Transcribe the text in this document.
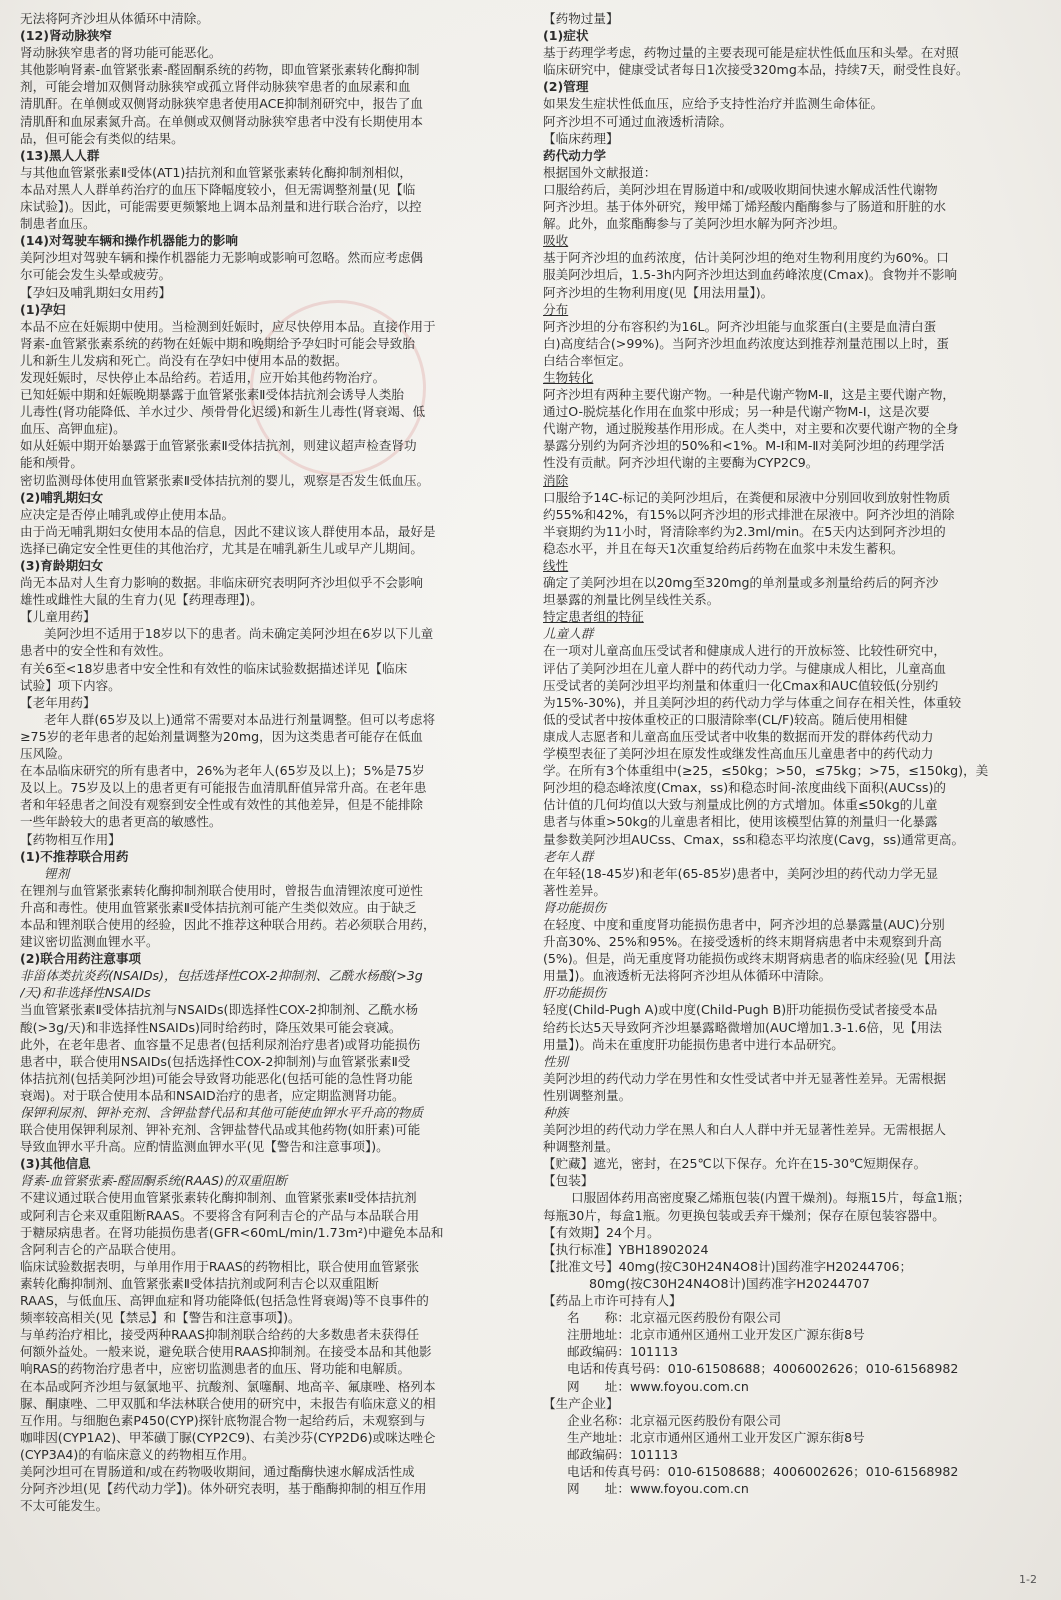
无法将阿齐沙坦从体循环中清除。
(12)肾动脉狭窄
肾动脉狭窄患者的肾功能可能恶化。
其他影响肾素-血管紧张素-醛固酮系统的药物，即血管紧张素转化酶抑制
剂，可能会增加双侧肾动脉狭窄或孤立肾伴动脉狭窄患者的血尿素和血
清肌酐。在单侧或双侧肾动脉狭窄患者使用ACE抑制剂研究中，报告了血
清肌酐和血尿素氮升高。在单侧或双侧肾动脉狭窄患者中没有长期使用本
品，但可能会有类似的结果。
(13)黑人人群
与其他血管紧张素Ⅱ受体(AT1)拮抗剂和血管紧张素转化酶抑制剂相似，
本品对黑人人群单药治疗的血压下降幅度较小，但无需调整剂量(见【临
床试验】)。因此，可能需要更频繁地上调本品剂量和进行联合治疗，以控
制患者血压。
(14)对驾驶车辆和操作机器能力的影响
美阿沙坦对驾驶车辆和操作机器能力无影响或影响可忽略。然而应考虑偶
尔可能会发生头晕或疲劳。
【孕妇及哺乳期妇女用药】
(1)孕妇
本品不应在妊娠期中使用。当检测到妊娠时，应尽快停用本品。直接作用于
肾素-血管紧张素系统的药物在妊娠中期和晚期给予孕妇时可能会导致胎
儿和新生儿发病和死亡。尚没有在孕妇中使用本品的数据。
发现妊娠时，尽快停止本品给药。若适用，应开始其他药物治疗。
已知妊娠中期和妊娠晚期暴露于血管紧张素Ⅱ受体拮抗剂会诱导人类胎
儿毒性(肾功能降低、羊水过少、颅骨骨化迟缓)和新生儿毒性(肾衰竭、低
血压、高钾血症)。
如从妊娠中期开始暴露于血管紧张素Ⅱ受体拮抗剂，则建议超声检查肾功
能和颅骨。
密切监测母体使用血管紧张素Ⅱ受体拮抗剂的婴儿，观察是否发生低血压。
(2)哺乳期妇女
应决定是否停止哺乳或停止使用本品。
由于尚无哺乳期妇女使用本品的信息，因此不建议该人群使用本品，最好是
选择已确定安全性更佳的其他治疗，尤其是在哺乳新生儿或早产儿期间。
(3)育龄期妇女
尚无本品对人生育力影响的数据。非临床研究表明阿齐沙坦似乎不会影响
雄性或雌性大鼠的生育力(见【药理毒理】)。
【儿童用药】
美阿沙坦不适用于18岁以下的患者。尚未确定美阿沙坦在6岁以下儿童
患者中的安全性和有效性。
有关6至<18岁患者中安全性和有效性的临床试验数据描述详见【临床
试验】项下内容。
【老年用药】
老年人群(65岁及以上)通常不需要对本品进行剂量调整。但可以考虑将
≥75岁的老年患者的起始剂量调整为20mg，因为这类患者可能存在低血
压风险。
在本品临床研究的所有患者中，26%为老年人(65岁及以上)；5%是75岁
及以上。75岁及以上的患者更有可能报告血清肌酐值异常升高。在老年患
者和年轻患者之间没有观察到安全性或有效性的其他差异，但是不能排除
一些年龄较大的患者更高的敏感性。
【药物相互作用】
(1)不推荐联合用药
锂剂
在锂剂与血管紧张素转化酶抑制剂联合使用时，曾报告血清锂浓度可逆性
升高和毒性。使用血管紧张素Ⅱ受体拮抗剂可能产生类似效应。由于缺乏
本品和锂剂联合使用的经验，因此不推荐这种联合用药。若必须联合用药，
建议密切监测血锂水平。
(2)联合用药注意事项
非甾体类抗炎药(NSAIDs)，包括选择性COX-2抑制剂、乙酰水杨酸(>3g
/天)和非选择性NSAIDs
当血管紧张素Ⅱ受体拮抗剂与NSAIDs(即选择性COX-2抑制剂、乙酰水杨
酸(>3g/天)和非选择性NSAIDs)同时给药时，降压效果可能会衰减。
此外，在老年患者、血容量不足患者(包括利尿剂治疗患者)或肾功能损伤
患者中，联合使用NSAIDs(包括选择性COX-2抑制剂)与血管紧张素Ⅱ受
体拮抗剂(包括美阿沙坦)可能会导致肾功能恶化(包括可能的急性肾功能
衰竭)。对于联合使用本品和NSAID治疗的患者，应定期监测肾功能。
保钾利尿剂、钾补充剂、含钾盐替代品和其他可能使血钾水平升高的物质
联合使用保钾利尿剂、钾补充剂、含钾盐替代品或其他药物(如肝素)可能
导致血钾水平升高。应酌情监测血钾水平(见【警告和注意事项】)。
(3)其他信息
肾素-血管紧张素-醛固酮系统(RAAS)的双重阻断
不建议通过联合使用血管紧张素转化酶抑制剂、血管紧张素Ⅱ受体拮抗剂
或阿利吉仑来双重阻断RAAS。不要将含有阿利吉仑的产品与本品联合用
于糖尿病患者。在肾功能损伤患者(GFR<60mL/min/1.73m²)中避免本品和
含阿利吉仑的产品联合使用。
临床试验数据表明，与单用作用于RAAS的药物相比，联合使用血管紧张
素转化酶抑制剂、血管紧张素Ⅱ受体拮抗剂或阿利吉仑以双重阻断
RAAS，与低血压、高钾血症和肾功能降低(包括急性肾衰竭)等不良事件的
频率较高相关(见【禁忌】和【警告和注意事项】)。
与单药治疗相比，接受两种RAAS抑制剂联合给药的大多数患者未获得任
何额外益处。一般来说，避免联合使用RAAS抑制剂。在接受本品和其他影
响RAS的药物治疗患者中，应密切监测患者的血压、肾功能和电解质。
在本品或阿齐沙坦与氨氯地平、抗酸剂、氯噻酮、地高辛、氟康唑、格列本
脲、酮康唑、二甲双胍和华法林联合使用的研究中，未报告有临床意义的相
互作用。与细胞色素P450(CYP)探针底物混合物一起给药后，未观察到与
咖啡因(CYP1A2)、甲苯磺丁脲(CYP2C9)、右美沙芬(CYP2D6)或咪达唑仑
(CYP3A4)的有临床意义的药物相互作用。
美阿沙坦可在胃肠道和/或在药物吸收期间，通过酯酶快速水解成活性成
分阿齐沙坦(见【药代动力学】)。体外研究表明，基于酯酶抑制的相互作用
不太可能发生。
【药物过量】
(1)症状
基于药理学考虑，药物过量的主要表现可能是症状性低血压和头晕。在对照
临床研究中，健康受试者每日1次接受320mg本品，持续7天，耐受性良好。
(2)管理
如果发生症状性低血压，应给予支持性治疗并监测生命体征。
阿齐沙坦不可通过血液透析清除。
【临床药理】
药代动力学
根据国外文献报道：
口服给药后，美阿沙坦在胃肠道中和/或吸收期间快速水解成活性代谢物
阿齐沙坦。基于体外研究，羧甲烯丁烯羟酸内酯酶参与了肠道和肝脏的水
解。此外，血浆酯酶参与了美阿沙坦水解为阿齐沙坦。
吸收
基于阿齐沙坦的血药浓度，估计美阿沙坦的绝对生物利用度约为60%。口
服美阿沙坦后，1.5-3h内阿齐沙坦达到血药峰浓度(Cmax)。食物并不影响
阿齐沙坦的生物利用度(见【用法用量】)。
分布
阿齐沙坦的分布容积约为16L。阿齐沙坦能与血浆蛋白(主要是血清白蛋
白)高度结合(>99%)。当阿齐沙坦血药浓度达到推荐剂量范围以上时，蛋
白结合率恒定。
生物转化
阿齐沙坦有两种主要代谢产物。一种是代谢产物M-Ⅱ，这是主要代谢产物，
通过O-脱烷基化作用在血浆中形成；另一种是代谢产物M-Ⅰ，这是次要
代谢产物，通过脱羧基作用形成。在人类中，对主要和次要代谢产物的全身
暴露分别约为阿齐沙坦的50%和<1%。M-Ⅰ和M-Ⅱ对美阿沙坦的药理学活
性没有贡献。阿齐沙坦代谢的主要酶为CYP2C9。
消除
口服给予14C-标记的美阿沙坦后，在粪便和尿液中分别回收到放射性物质
约55%和42%，有15%以阿齐沙坦的形式排泄在尿液中。阿齐沙坦的消除
半衰期约为11小时，肾清除率约为2.3ml/min。在5天内达到阿齐沙坦的
稳态水平，并且在每天1次重复给药后药物在血浆中未发生蓄积。
线性
确定了美阿沙坦在以20mg至320mg的单剂量或多剂量给药后的阿齐沙
坦暴露的剂量比例呈线性关系。
特定患者组的特征
儿童人群
在一项对儿童高血压受试者和健康成人进行的开放标签、比较性研究中，
评估了美阿沙坦在儿童人群中的药代动力学。与健康成人相比，儿童高血
压受试者的美阿沙坦平均剂量和体重归一化Cmax和AUC值较低(分别约
为15%-30%)，并且美阿沙坦的药代动力学与体重之间存在相关性，体重较
低的受试者中按体重校正的口服清除率(CL/F)较高。随后使用相健
康成人志愿者和儿童高血压受试者中收集的数据而开发的群体药代动力
学模型表征了美阿沙坦在原发性或继发性高血压儿童患者中的药代动力
学。在所有3个体重组中(≥25，≤50kg；>50，≤75kg；>75，≤150kg)，美
阿沙坦的稳态峰浓度(Cmax，ss)和稳态时间-浓度曲线下面积(AUCss)的
估计值的几何均值以大致与剂量成比例的方式增加。体重≤50kg的儿童
患者与体重>50kg的儿童患者相比，使用该模型估算的剂量归一化暴露
量参数美阿沙坦AUCss、Cmax，ss和稳态平均浓度(Cavg，ss)通常更高。
老年人群
在年轻(18-45岁)和老年(65-85岁)患者中，美阿沙坦的药代动力学无显
著性差异。
肾功能损伤
在轻度、中度和重度肾功能损伤患者中，阿齐沙坦的总暴露量(AUC)分别
升高30%、25%和95%。在接受透析的终末期肾病患者中未观察到升高
(5%)。但是，尚无重度肾功能损伤或终末期肾病患者的临床经验(见【用法
用量】)。血液透析无法将阿齐沙坦从体循环中清除。
肝功能损伤
轻度(Child-Pugh A)或中度(Child-Pugh B)肝功能损伤受试者接受本品
给药长达5天导致阿齐沙坦暴露略微增加(AUC增加1.3-1.6倍，见【用法
用量】)。尚未在重度肝功能损伤患者中进行本品研究。
性别
美阿沙坦的药代动力学在男性和女性受试者中并无显著性差异。无需根据
性别调整剂量。
种族
美阿沙坦的药代动力学在黑人和白人人群中并无显著性差异。无需根据人
种调整剂量。
【贮藏】遮光，密封，在25℃以下保存。允许在15-30℃短期保存。
【包装】
口服固体药用高密度聚乙烯瓶包装(内置干燥剂)。每瓶15片，每盒1瓶；
每瓶30片，每盒1瓶。勿更换包装或丢弃干燥剂；保存在原包装容器中。
【有效期】24个月。
【执行标准】YBH18902024
【批准文号】40mg(按C30H24N4O8计)国药准字H20244706；
80mg(按C30H24N4O8计)国药准字H20244707
【药品上市许可持有人】
名　　称：北京福元医药股份有限公司
注册地址：北京市通州区通州工业开发区广源东街8号
邮政编码：101113
电话和传真号码：010-61508688；4006002626；010-61568982
网　　址：www.foyou.com.cn
【生产企业】
企业名称：北京福元医药股份有限公司
生产地址：北京市通州区通州工业开发区广源东街8号
邮政编码：101113
电话和传真号码：010-61508688；4006002626；010-61568982
网　　址：www.foyou.com.cn
1-2
